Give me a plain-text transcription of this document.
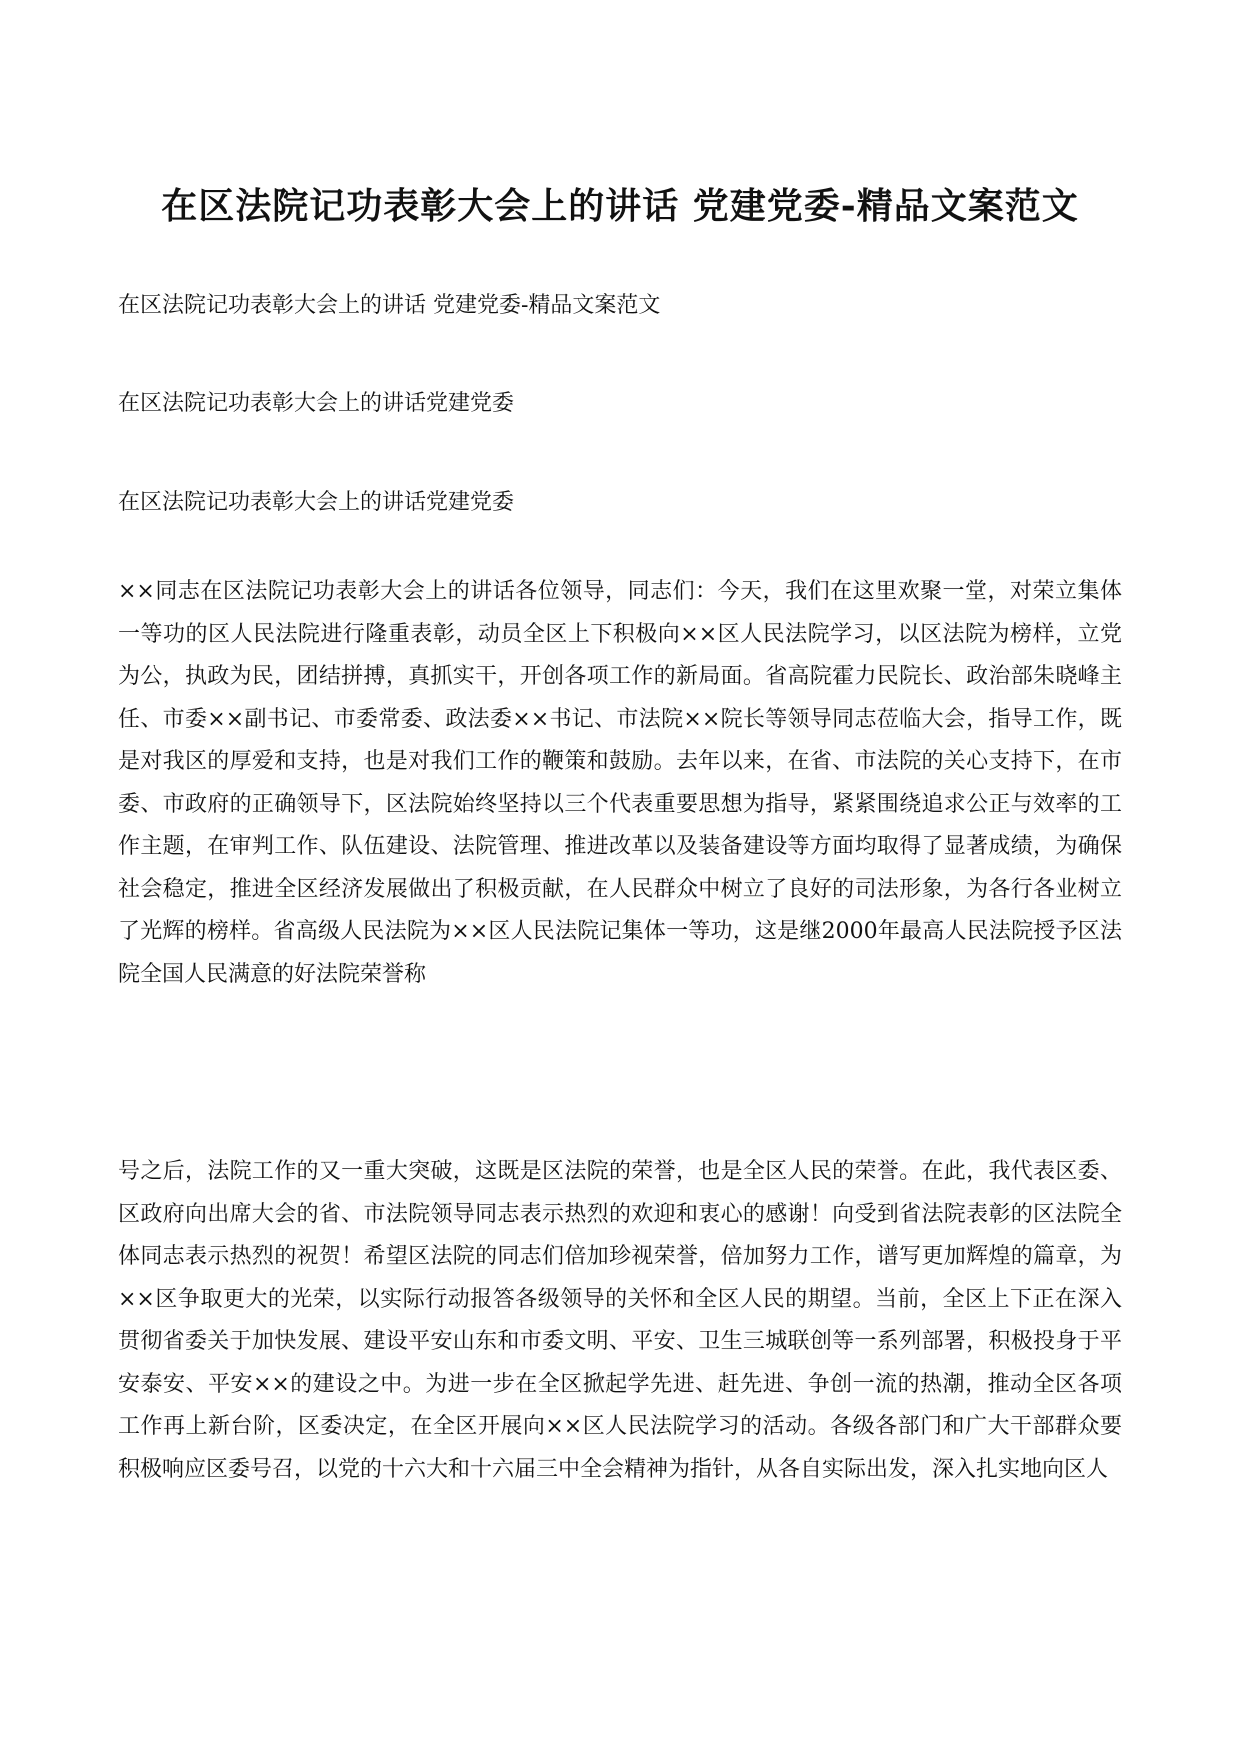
在区法院记功表彰大会上的讲话 党建党委-精品文案范文

在区法院记功表彰大会上的讲话 党建党委-精品文案范文

在区法院记功表彰大会上的讲话党建党委

在区法院记功表彰大会上的讲话党建党委

××同志在区法院记功表彰大会上的讲话各位领导，同志们：今天，我们在这里欢聚一堂，对荣立集体一等功的区人民法院进行隆重表彰，动员全区上下积极向××区人民法院学习，以区法院为榜样，立党为公，执政为民，团结拼搏，真抓实干，开创各项工作的新局面。省高院霍力民院长、政治部朱晓峰主任、市委××副书记、市委常委、政法委××书记、市法院××院长等领导同志莅临大会，指导工作，既是对我区的厚爱和支持，也是对我们工作的鞭策和鼓励。去年以来，在省、市法院的关心支持下，在市委、市政府的正确领导下，区法院始终坚持以三个代表重要思想为指导，紧紧围绕追求公正与效率的工作主题，在审判工作、队伍建设、法院管理、推进改革以及装备建设等方面均取得了显著成绩，为确保社会稳定，推进全区经济发展做出了积极贡献，在人民群众中树立了良好的司法形象，为各行各业树立了光辉的榜样。省高级人民法院为××区人民法院记集体一等功，这是继2000年最高人民法院授予区法院全国人民满意的好法院荣誉称

号之后，法院工作的又一重大突破，这既是区法院的荣誉，也是全区人民的荣誉。在此，我代表区委、区政府向出席大会的省、市法院领导同志表示热烈的欢迎和衷心的感谢！向受到省法院表彰的区法院全体同志表示热烈的祝贺！希望区法院的同志们倍加珍视荣誉，倍加努力工作，谱写更加辉煌的篇章，为××区争取更大的光荣，以实际行动报答各级领导的关怀和全区人民的期望。当前，全区上下正在深入贯彻省委关于加快发展、建设平安山东和市委文明、平安、卫生三城联创等一系列部署，积极投身于平安泰安、平安××的建设之中。为进一步在全区掀起学先进、赶先进、争创一流的热潮，推动全区各项工作再上新台阶，区委决定，在全区开展向××区人民法院学习的活动。各级各部门和广大干部群众要积极响应区委号召，以党的十六大和十六届三中全会精神为指针，从各自实际出发，深入扎实地向区人
